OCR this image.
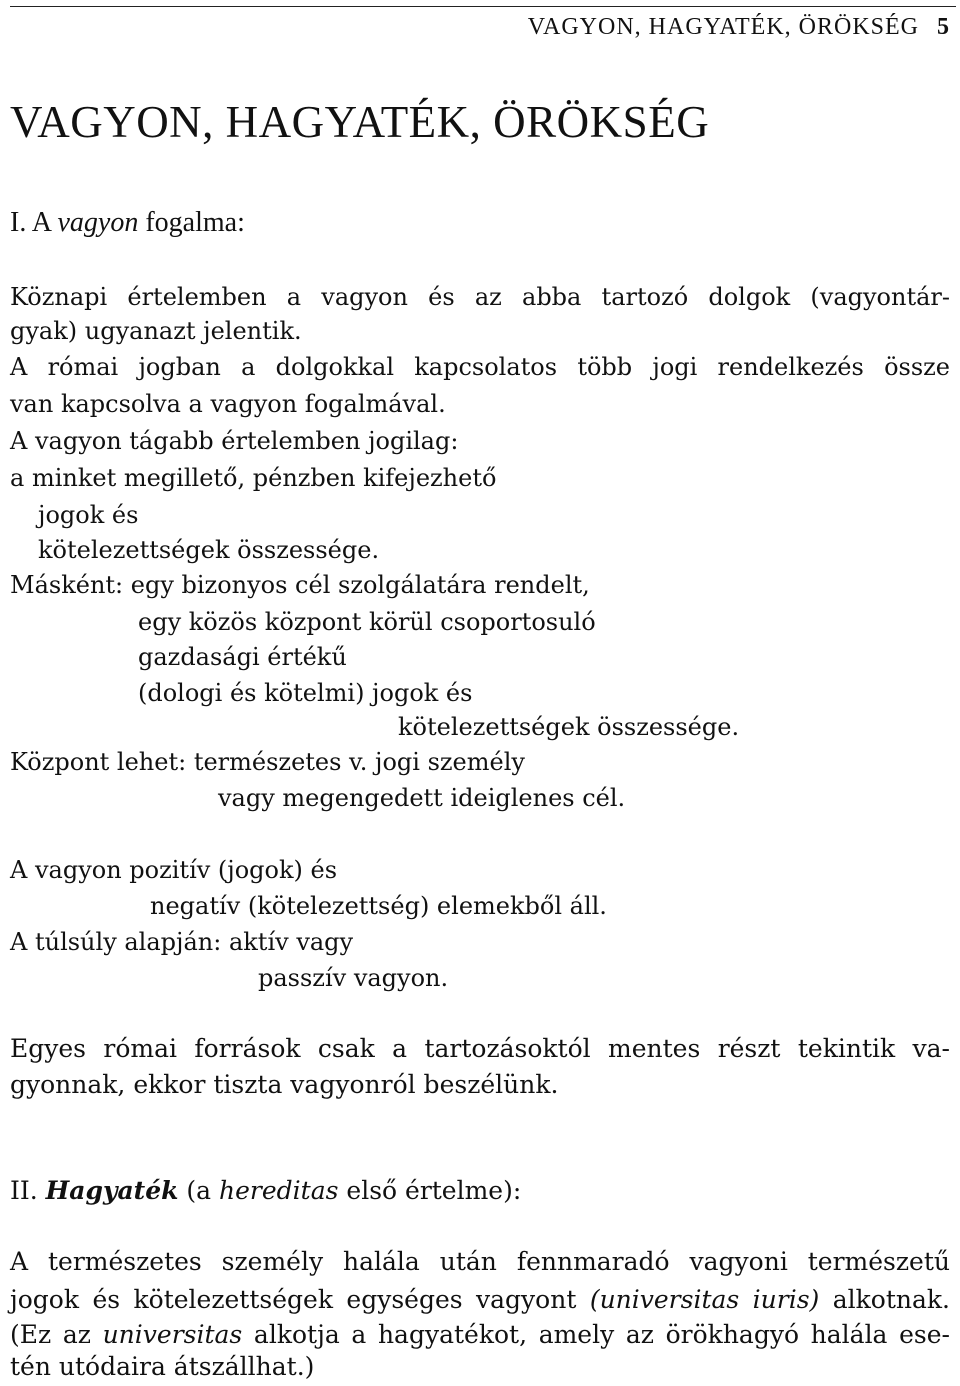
VAGYON, HAGYATÉK, ÖRÖKSÉG 5
VAGYON, HAGYATÉK, ÖRÖKSÉG
I. A vagyon fogalma:
Köznapi értelemben a vagyon és az abba tartozó dolgok (vagyontár-
gyak) ugyanazt jelentik.
A római jogban a dolgokkal kapcsolatos több jogi rendelkezés össze
van kapcsolva a vagyon fogalmával.
A vagyon tágabb értelemben jogilag:
a minket megillető, pénzben kifejezhető
jogok és
kötelezettségek összessége.
Másként: egy bizonyos cél szolgálatára rendelt,
egy közös központ körül csoportosuló
gazdasági értékű
(dologi és kötelmi) jogok és
kötelezettségek összessége.
Központ lehet: természetes v. jogi személy
vagy megengedett ideiglenes cél.
A vagyon pozitív (jogok) és
negatív (kötelezettség) elemekből áll.
A túlsúly alapján: aktív vagy
passzív vagyon.
Egyes római források csak a tartozásoktól mentes részt tekintik va-
gyonnak, ekkor tiszta vagyonról beszélünk.
II. Hagyaték (a hereditas első értelme):
A természetes személy halála után fennmaradó vagyoni természetű
jogok és kötelezettségek egységes vagyont (universitas iuris) alkotnak.
(Ez az universitas alkotja a hagyatékot, amely az örökhagyó halála ese-
tén utódaira átszállhat.)
